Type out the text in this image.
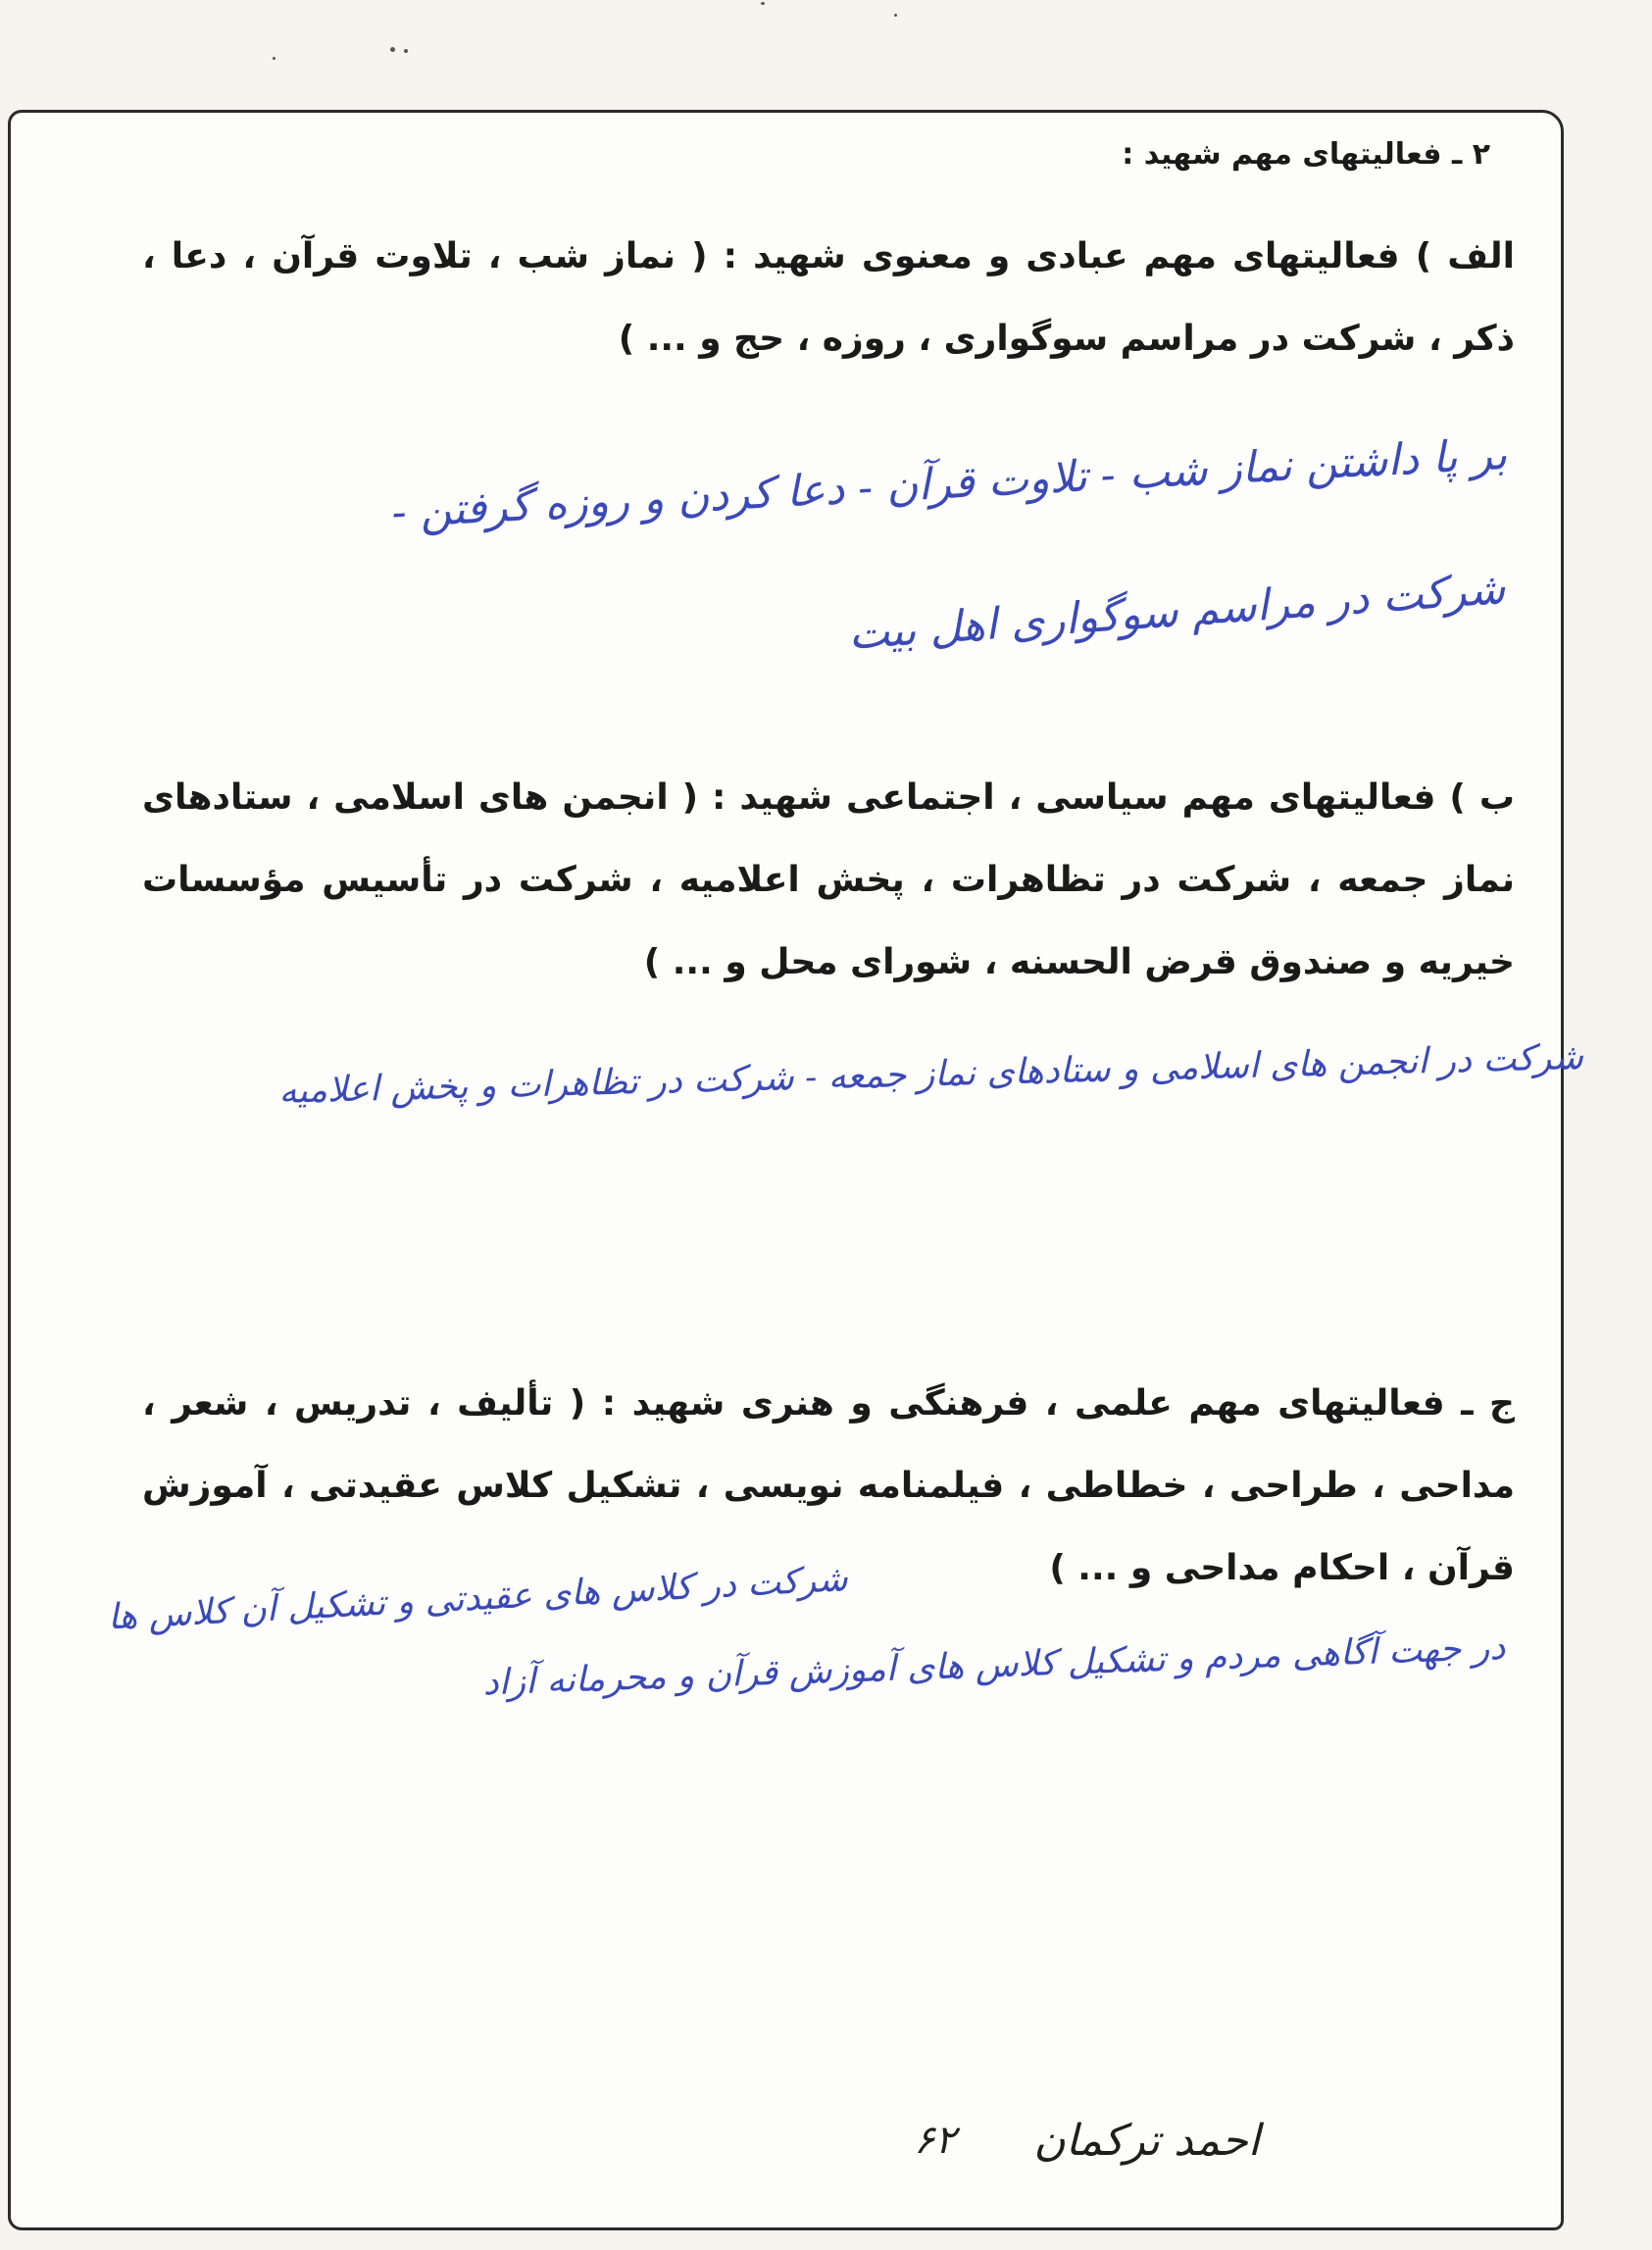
۲ ـ فعالیتهای مهم شهید :
الف ) فعالیتهای مهم عبادی و معنوی شهید : ( نماز شب ، تلاوت قرآن ، دعا ، ذکر ، شرکت در مراسم سوگواری ، روزه ، حج و ... )
بر پا داشتن نماز شب - تلاوت قرآن - دعا کردن و روزه گرفتن -
شرکت در مراسم سوگواری اهل بیت
ب ) فعالیتهای مهم سیاسی ، اجتماعی شهید : ( انجمن های اسلامی ، ستادهای نماز جمعه ، شرکت در تظاهرات ، پخش اعلامیه ، شرکت در تأسیس مؤسسات خیریه و صندوق قرض الحسنه ، شورای محل و ... )
شرکت در انجمن های اسلامی و ستادهای نماز جمعه - شرکت در تظاهرات و پخش اعلامیه
ج ـ فعالیتهای مهم علمی ، فرهنگی و هنری شهید : ( تألیف ، تدریس ، شعر ، مداحی ، طراحی ، خطاطی ، فیلمنامه نویسی ، تشکیل کلاس عقیدتی ، آموزش قرآن ، احکام مداحی و ... )
شرکت در کلاس های عقیدتی و تشکیل آن کلاس ها
در جهت آگاهی مردم و تشکیل کلاس های آموزش قرآن و محرمانه آزاد
احمد ترکمان
۶۲
